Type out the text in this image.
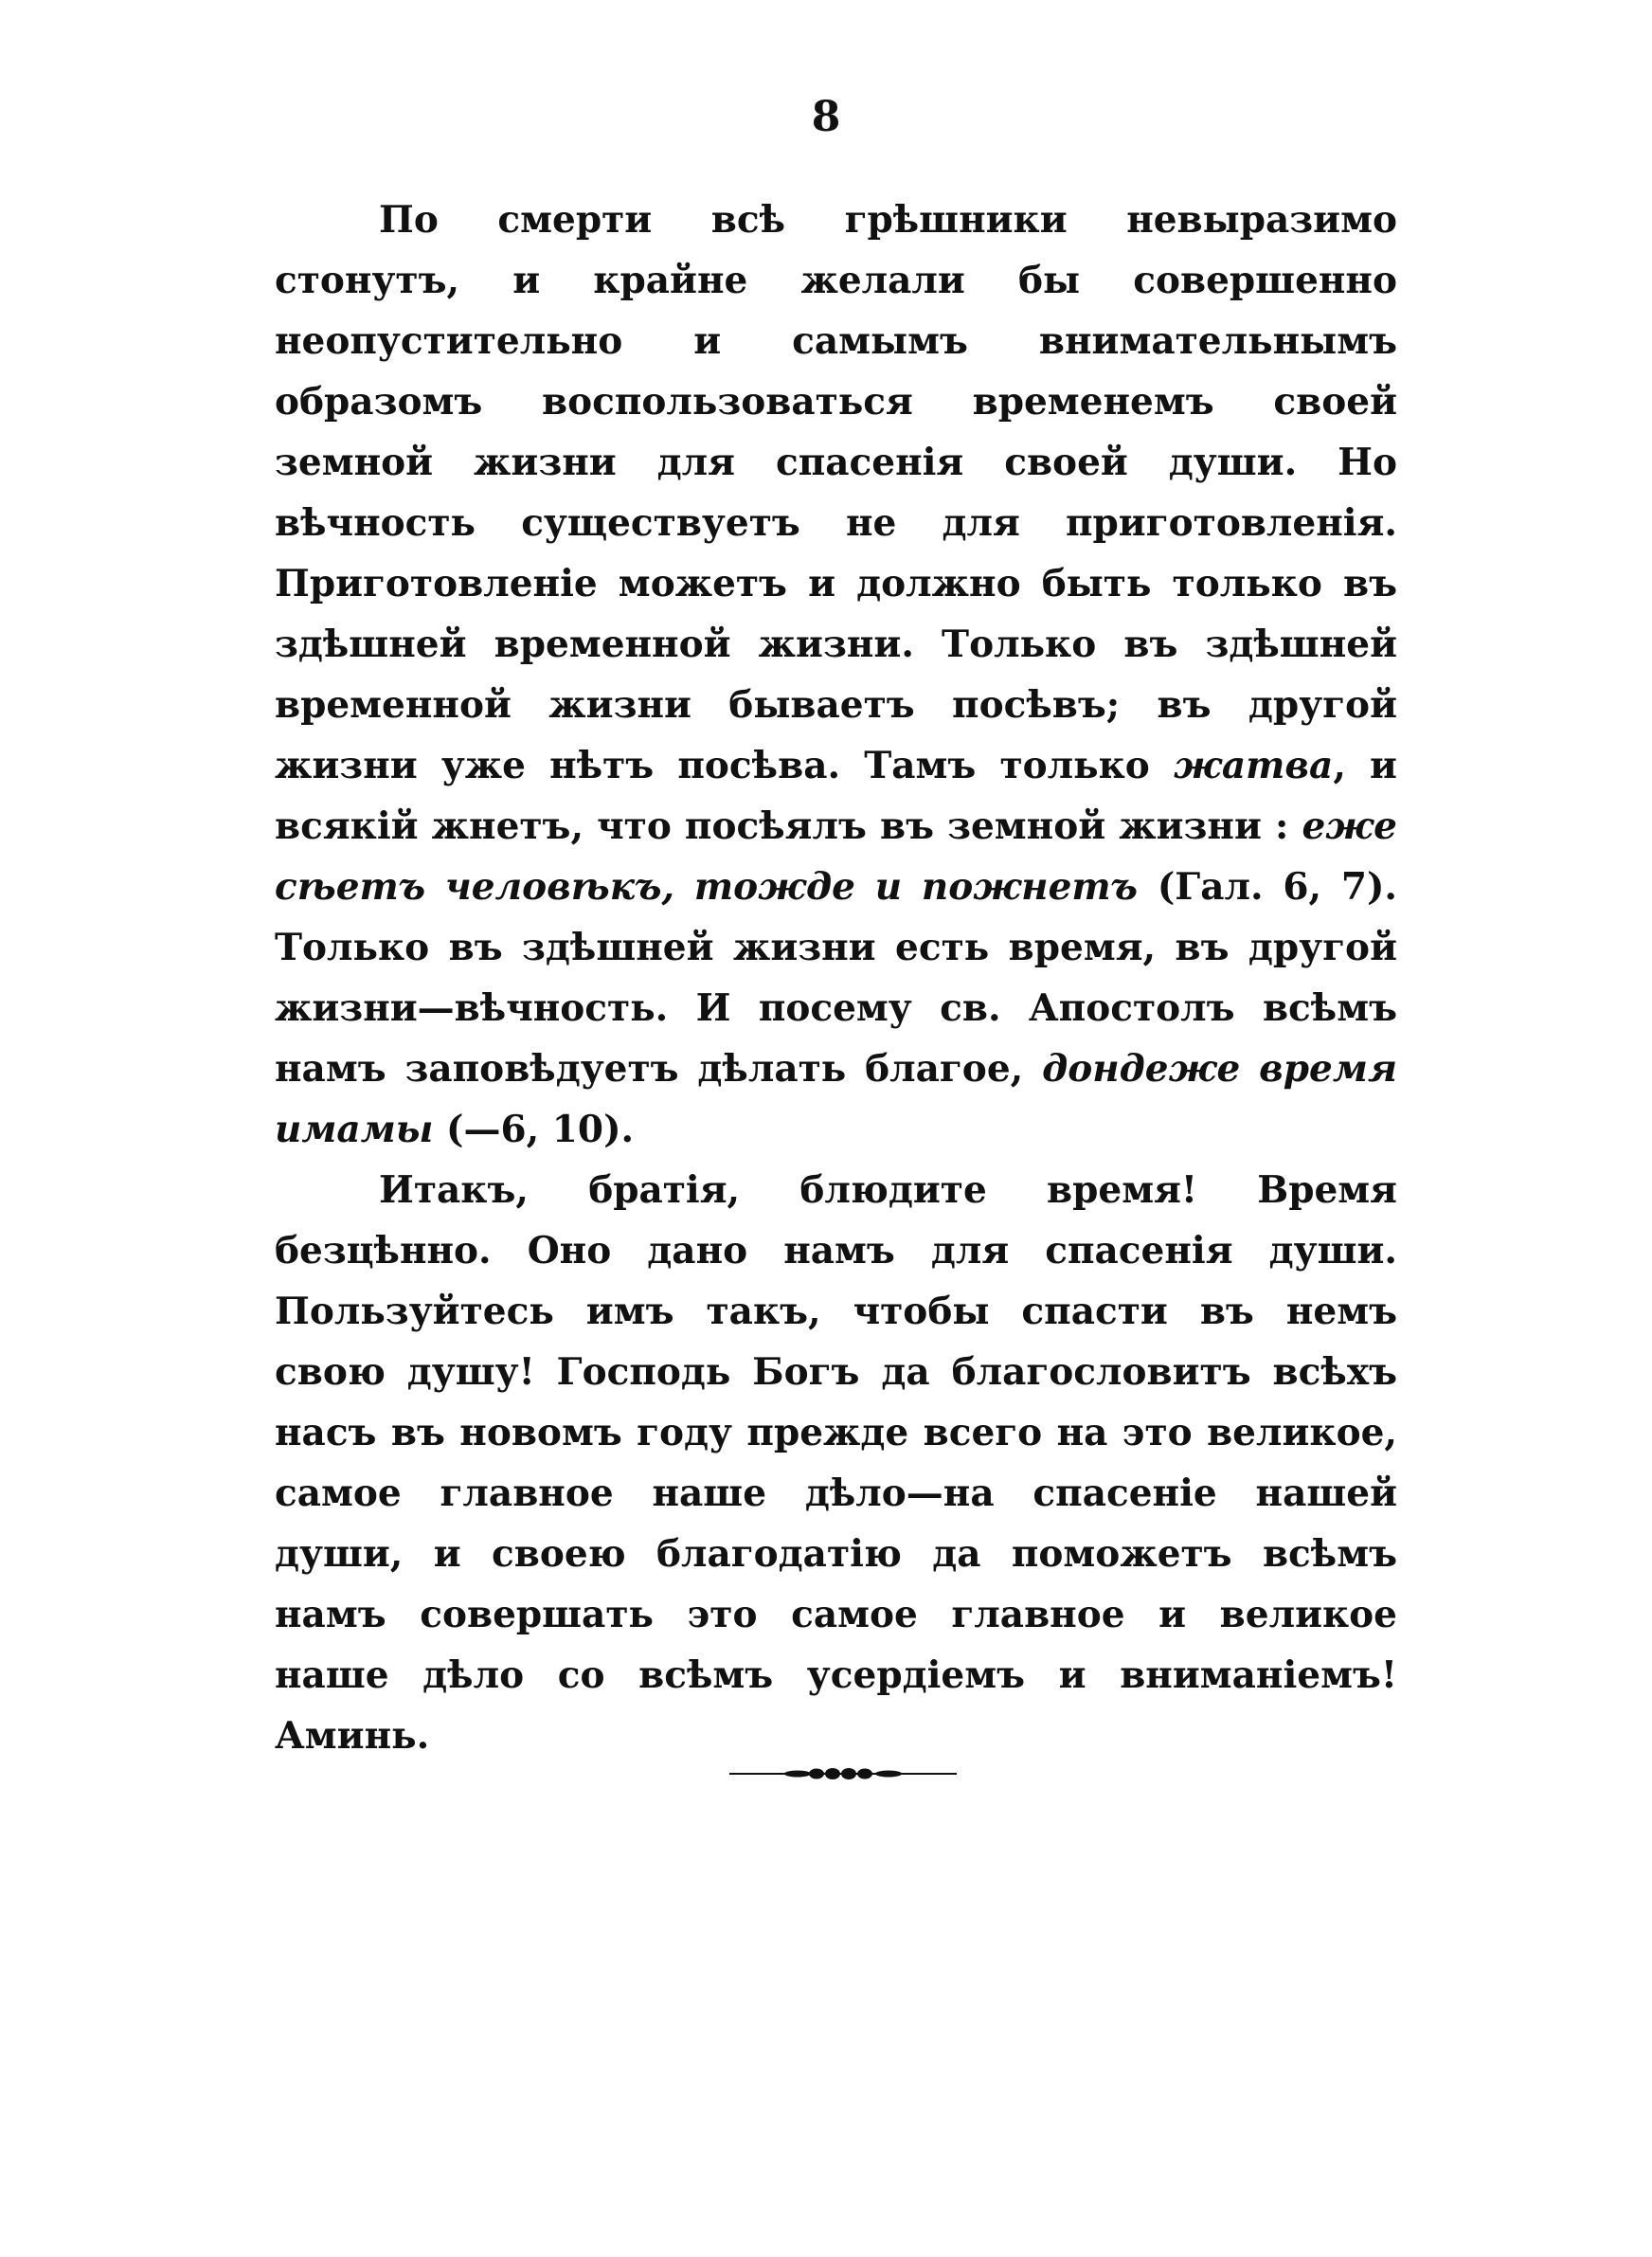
8

По смерти всѣ грѣшники невыразимо стонутъ, и крайне желали бы совершенно неопустительно и самымъ внимательнымъ образомъ воспользоваться временемъ своей земной жизни для спасенія своей души. Но вѣчность существуетъ не для приготовленія. Приготовленіе можетъ и должно быть только въ здѣшней временной жизни. Только въ здѣшней временной жизни бываетъ посѣвъ; въ другой жизни уже нѣтъ посѣва. Тамъ только жатва, и всякій жнетъ, что посѣялъ въ земной жизни : еже сѣетъ человѣкъ, тожде и пожнетъ (Гал. 6, 7). Только въ здѣшней жизни есть время, въ другой жизни—вѣчность. И посему св. Апостолъ всѣмъ намъ заповѣдуетъ дѣлать благое, дондеже время имамы (—6, 10).

Итакъ, братія, блюдите время! Время безцѣнно. Оно дано намъ для спасенія души. Пользуйтесь имъ такъ, чтобы спасти въ немъ свою душу! Господь Богъ да благословитъ всѣхъ насъ въ новомъ году прежде всего на это великое, самое главное наше дѣло—на спасеніе нашей души, и своею благодатію да поможетъ всѣмъ намъ совершать это самое главное и великое наше дѣло со всѣмъ усердіемъ и вниманіемъ! Аминь.
